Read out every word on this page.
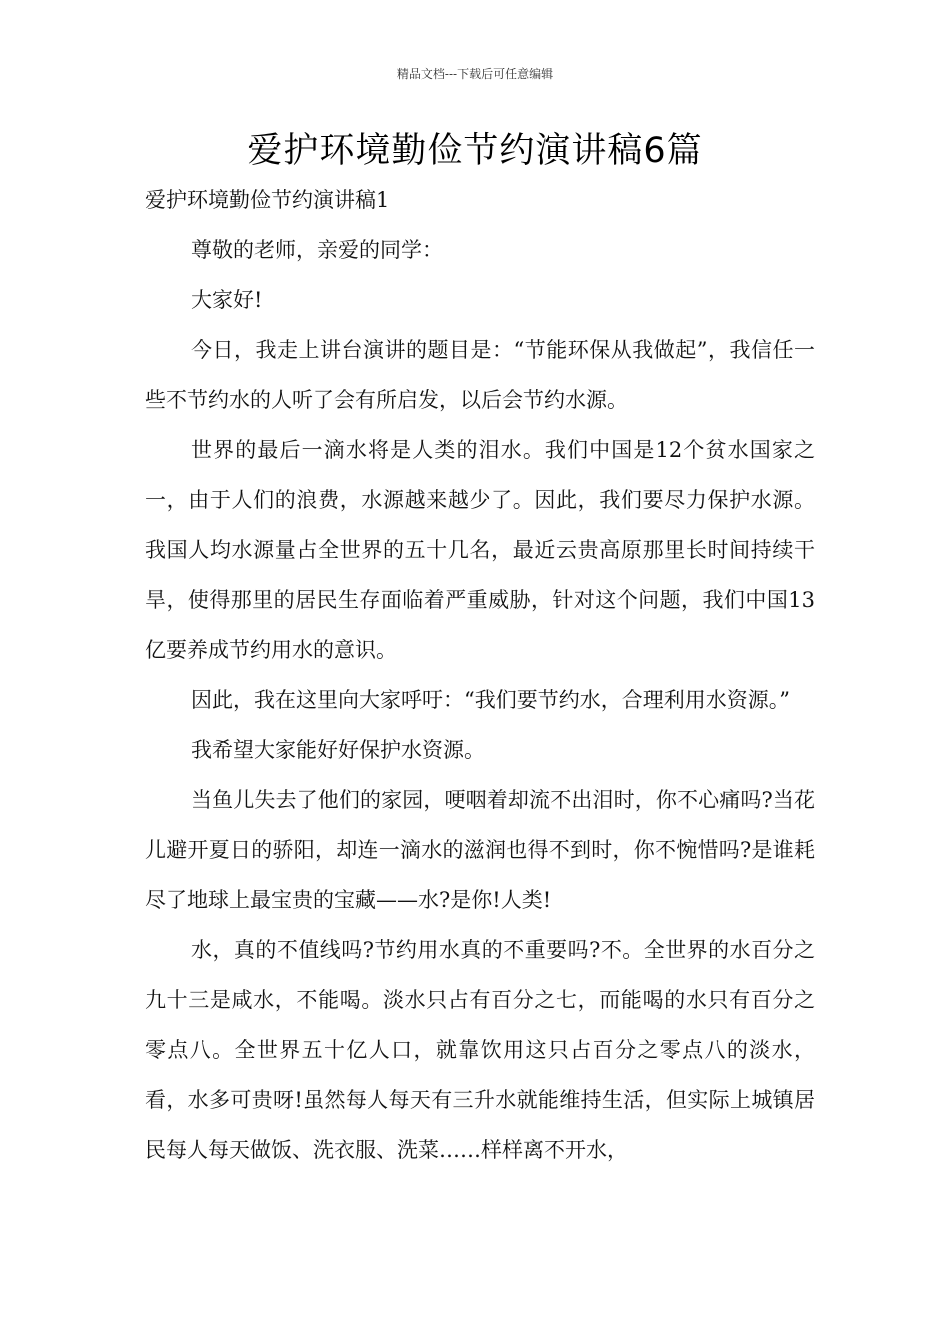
精品文档---下载后可任意编辑
爱护环境勤俭节约演讲稿6篇

爱护环境勤俭节约演讲稿1

尊敬的老师，亲爱的同学：

大家好!

今日，我走上讲台演讲的题目是：“节能环保从我做起”，我信任一些不节约水的人听了会有所启发，以后会节约水源。

世界的最后一滴水将是人类的泪水。我们中国是12个贫水国家之一，由于人们的浪费，水源越来越少了。因此，我们要尽力保护水源。我国人均水源量占全世界的五十几名，最近云贵高原那里长时间持续干旱，使得那里的居民生存面临着严重威胁，针对这个问题，我们中国13亿要养成节约用水的意识。

因此，我在这里向大家呼吁：“我们要节约水，合理利用水资源。”

我希望大家能好好保护水资源。

当鱼儿失去了他们的家园，哽咽着却流不出泪时，你不心痛吗?当花儿避开夏日的骄阳，却连一滴水的滋润也得不到时，你不惋惜吗?是谁耗尽了地球上最宝贵的宝藏——水?是你!人类!

水，真的不值线吗?节约用水真的不重要吗?不。全世界的水百分之九十三是咸水，不能喝。淡水只占有百分之七，而能喝的水只有百分之零点八。全世界五十亿人口，就靠饮用这只占百分之零点八的淡水，看，水多可贵呀!虽然每人每天有三升水就能维持生活，但实际上城镇居民每人每天做饭、洗衣服、洗菜……样样离不开水，
